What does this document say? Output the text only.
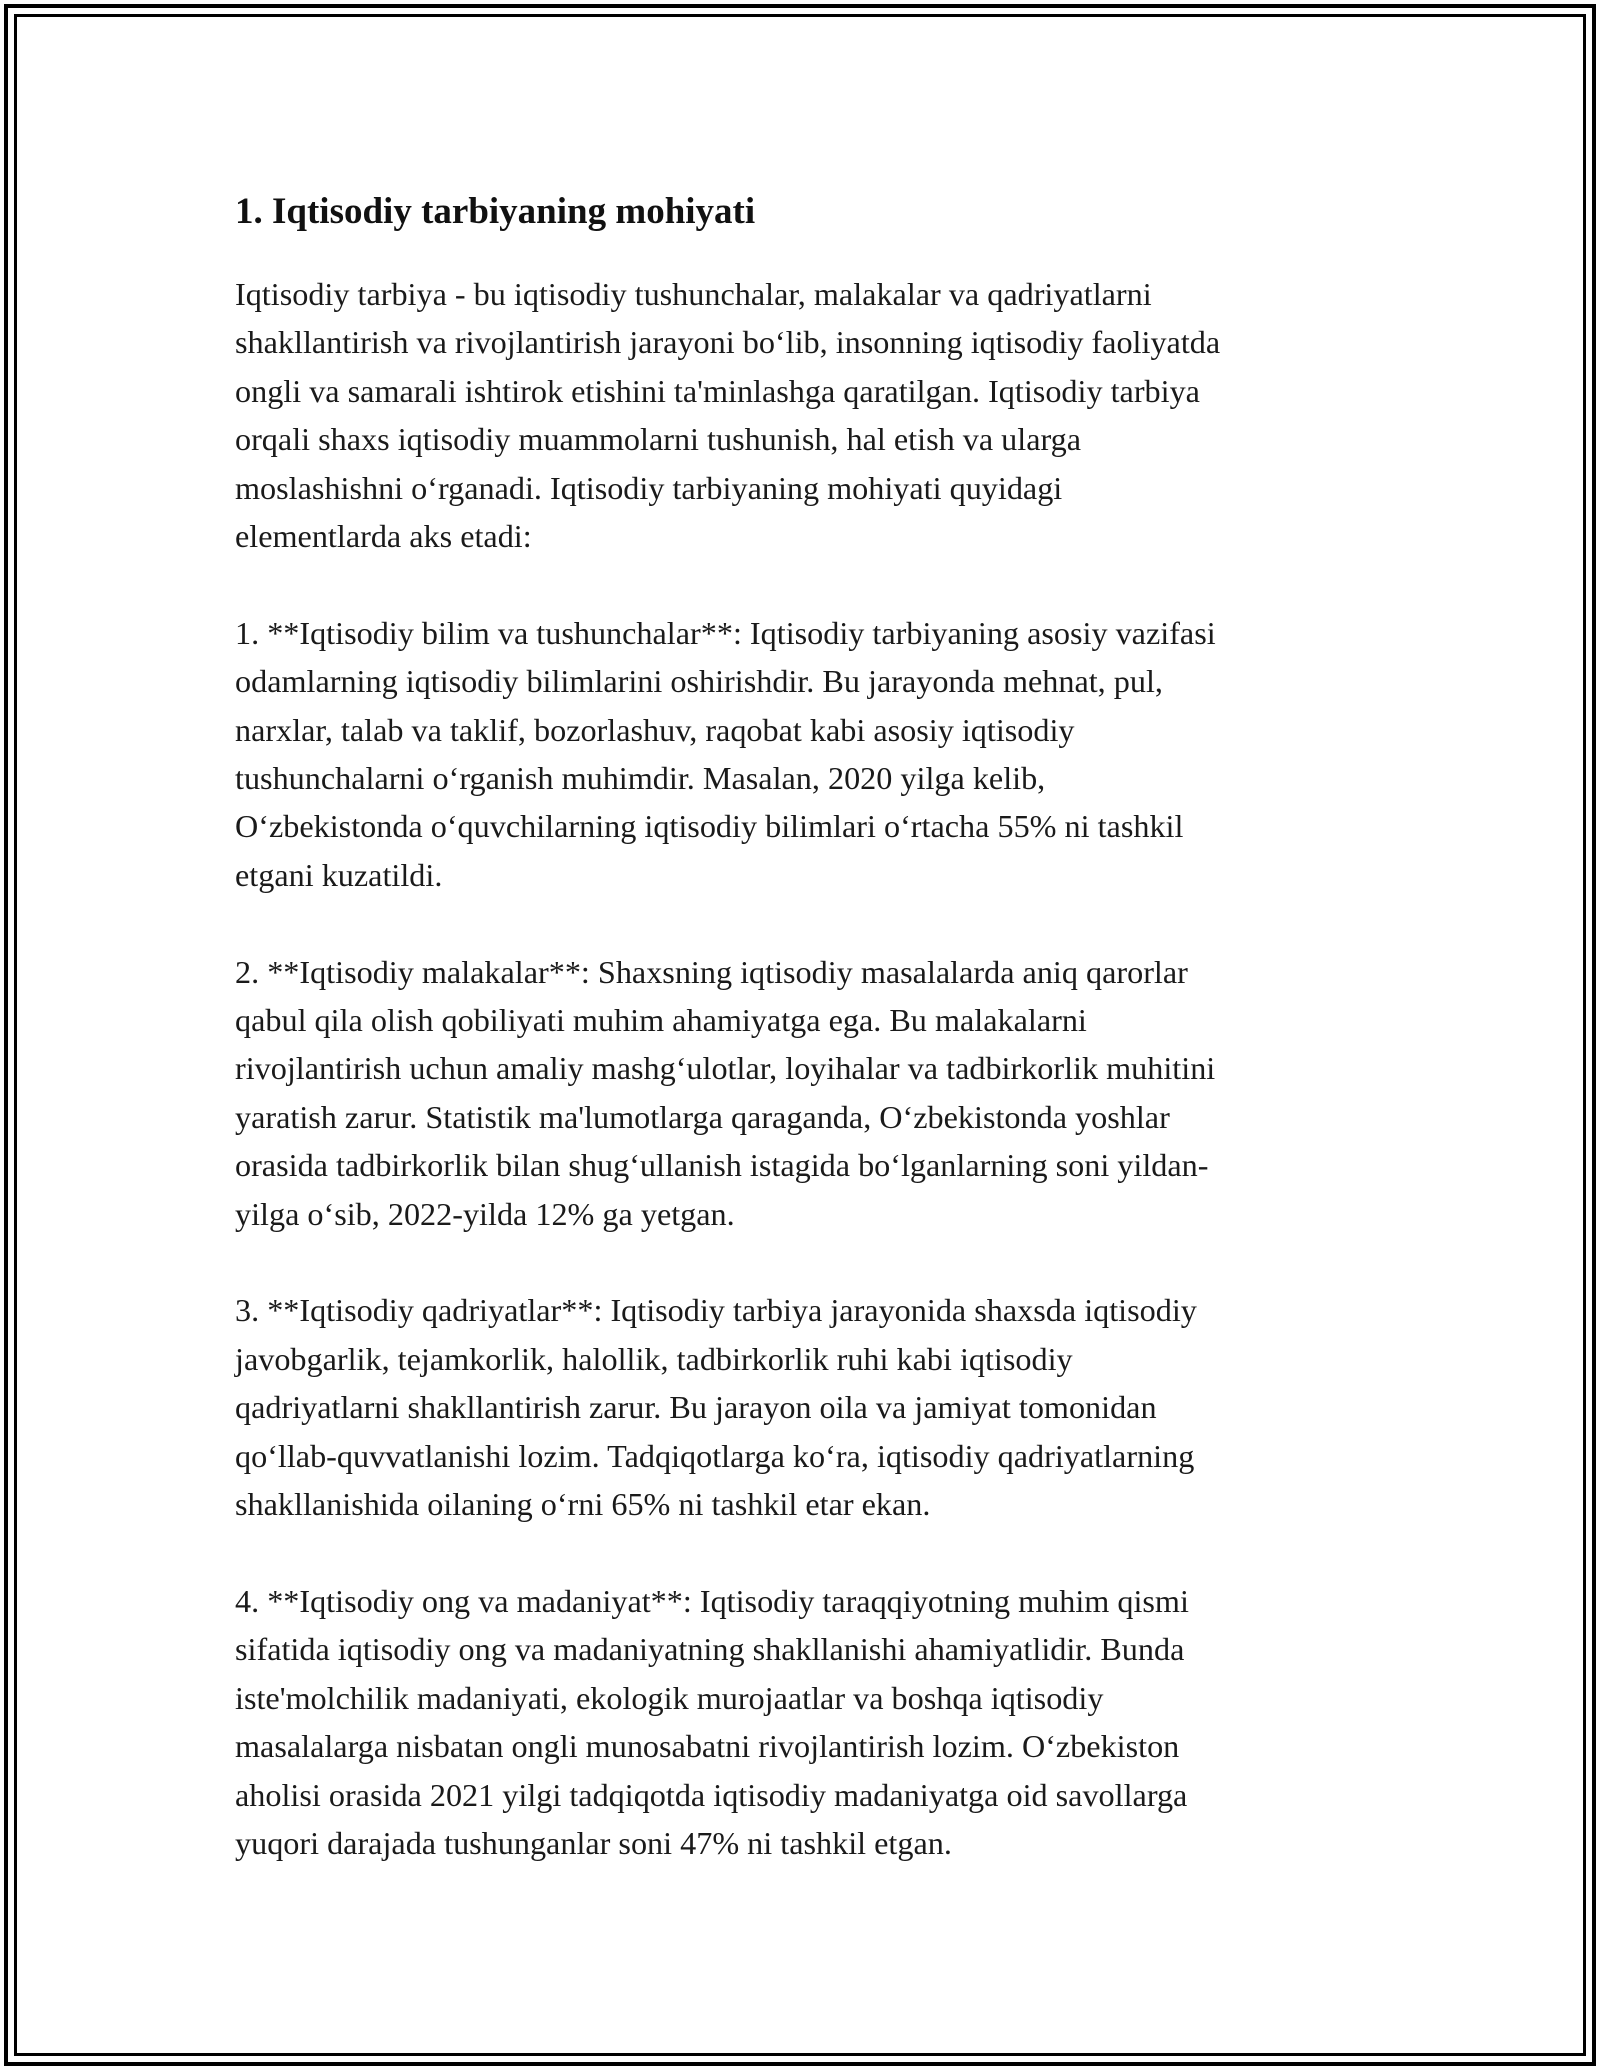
1. Iqtisodiy tarbiyaning mohiyati

Iqtisodiy tarbiya - bu iqtisodiy tushunchalar, malakalar va qadriyatlarni
shakllantirish va rivojlantirish jarayoni bo‘lib, insonning iqtisodiy faoliyatda
ongli va samarali ishtirok etishini ta'minlashga qaratilgan. Iqtisodiy tarbiya
orqali shaxs iqtisodiy muammolarni tushunish, hal etish va ularga
moslashishni o‘rganadi. Iqtisodiy tarbiyaning mohiyati quyidagi
elementlarda aks etadi:

1. **Iqtisodiy bilim va tushunchalar**: Iqtisodiy tarbiyaning asosiy vazifasi
odamlarning iqtisodiy bilimlarini oshirishdir. Bu jarayonda mehnat, pul,
narxlar, talab va taklif, bozorlashuv, raqobat kabi asosiy iqtisodiy
tushunchalarni o‘rganish muhimdir. Masalan, 2020 yilga kelib,
O‘zbekistonda o‘quvchilarning iqtisodiy bilimlari o‘rtacha 55% ni tashkil
etgani kuzatildi.

2. **Iqtisodiy malakalar**: Shaxsning iqtisodiy masalalarda aniq qarorlar
qabul qila olish qobiliyati muhim ahamiyatga ega. Bu malakalarni
rivojlantirish uchun amaliy mashg‘ulotlar, loyihalar va tadbirkorlik muhitini
yaratish zarur. Statistik ma'lumotlarga qaraganda, O‘zbekistonda yoshlar
orasida tadbirkorlik bilan shug‘ullanish istagida bo‘lganlarning soni yildan-
yilga o‘sib, 2022-yilda 12% ga yetgan.

3. **Iqtisodiy qadriyatlar**: Iqtisodiy tarbiya jarayonida shaxsda iqtisodiy
javobgarlik, tejamkorlik, halollik, tadbirkorlik ruhi kabi iqtisodiy
qadriyatlarni shakllantirish zarur. Bu jarayon oila va jamiyat tomonidan
qo‘llab-quvvatlanishi lozim. Tadqiqotlarga ko‘ra, iqtisodiy qadriyatlarning
shakllanishida oilaning o‘rni 65% ni tashkil etar ekan.

4. **Iqtisodiy ong va madaniyat**: Iqtisodiy taraqqiyotning muhim qismi
sifatida iqtisodiy ong va madaniyatning shakllanishi ahamiyatlidir. Bunda
iste'molchilik madaniyati, ekologik murojaatlar va boshqa iqtisodiy
masalalarga nisbatan ongli munosabatni rivojlantirish lozim. O‘zbekiston
aholisi orasida 2021 yilgi tadqiqotda iqtisodiy madaniyatga oid savollarga
yuqori darajada tushunganlar soni 47% ni tashkil etgan.
